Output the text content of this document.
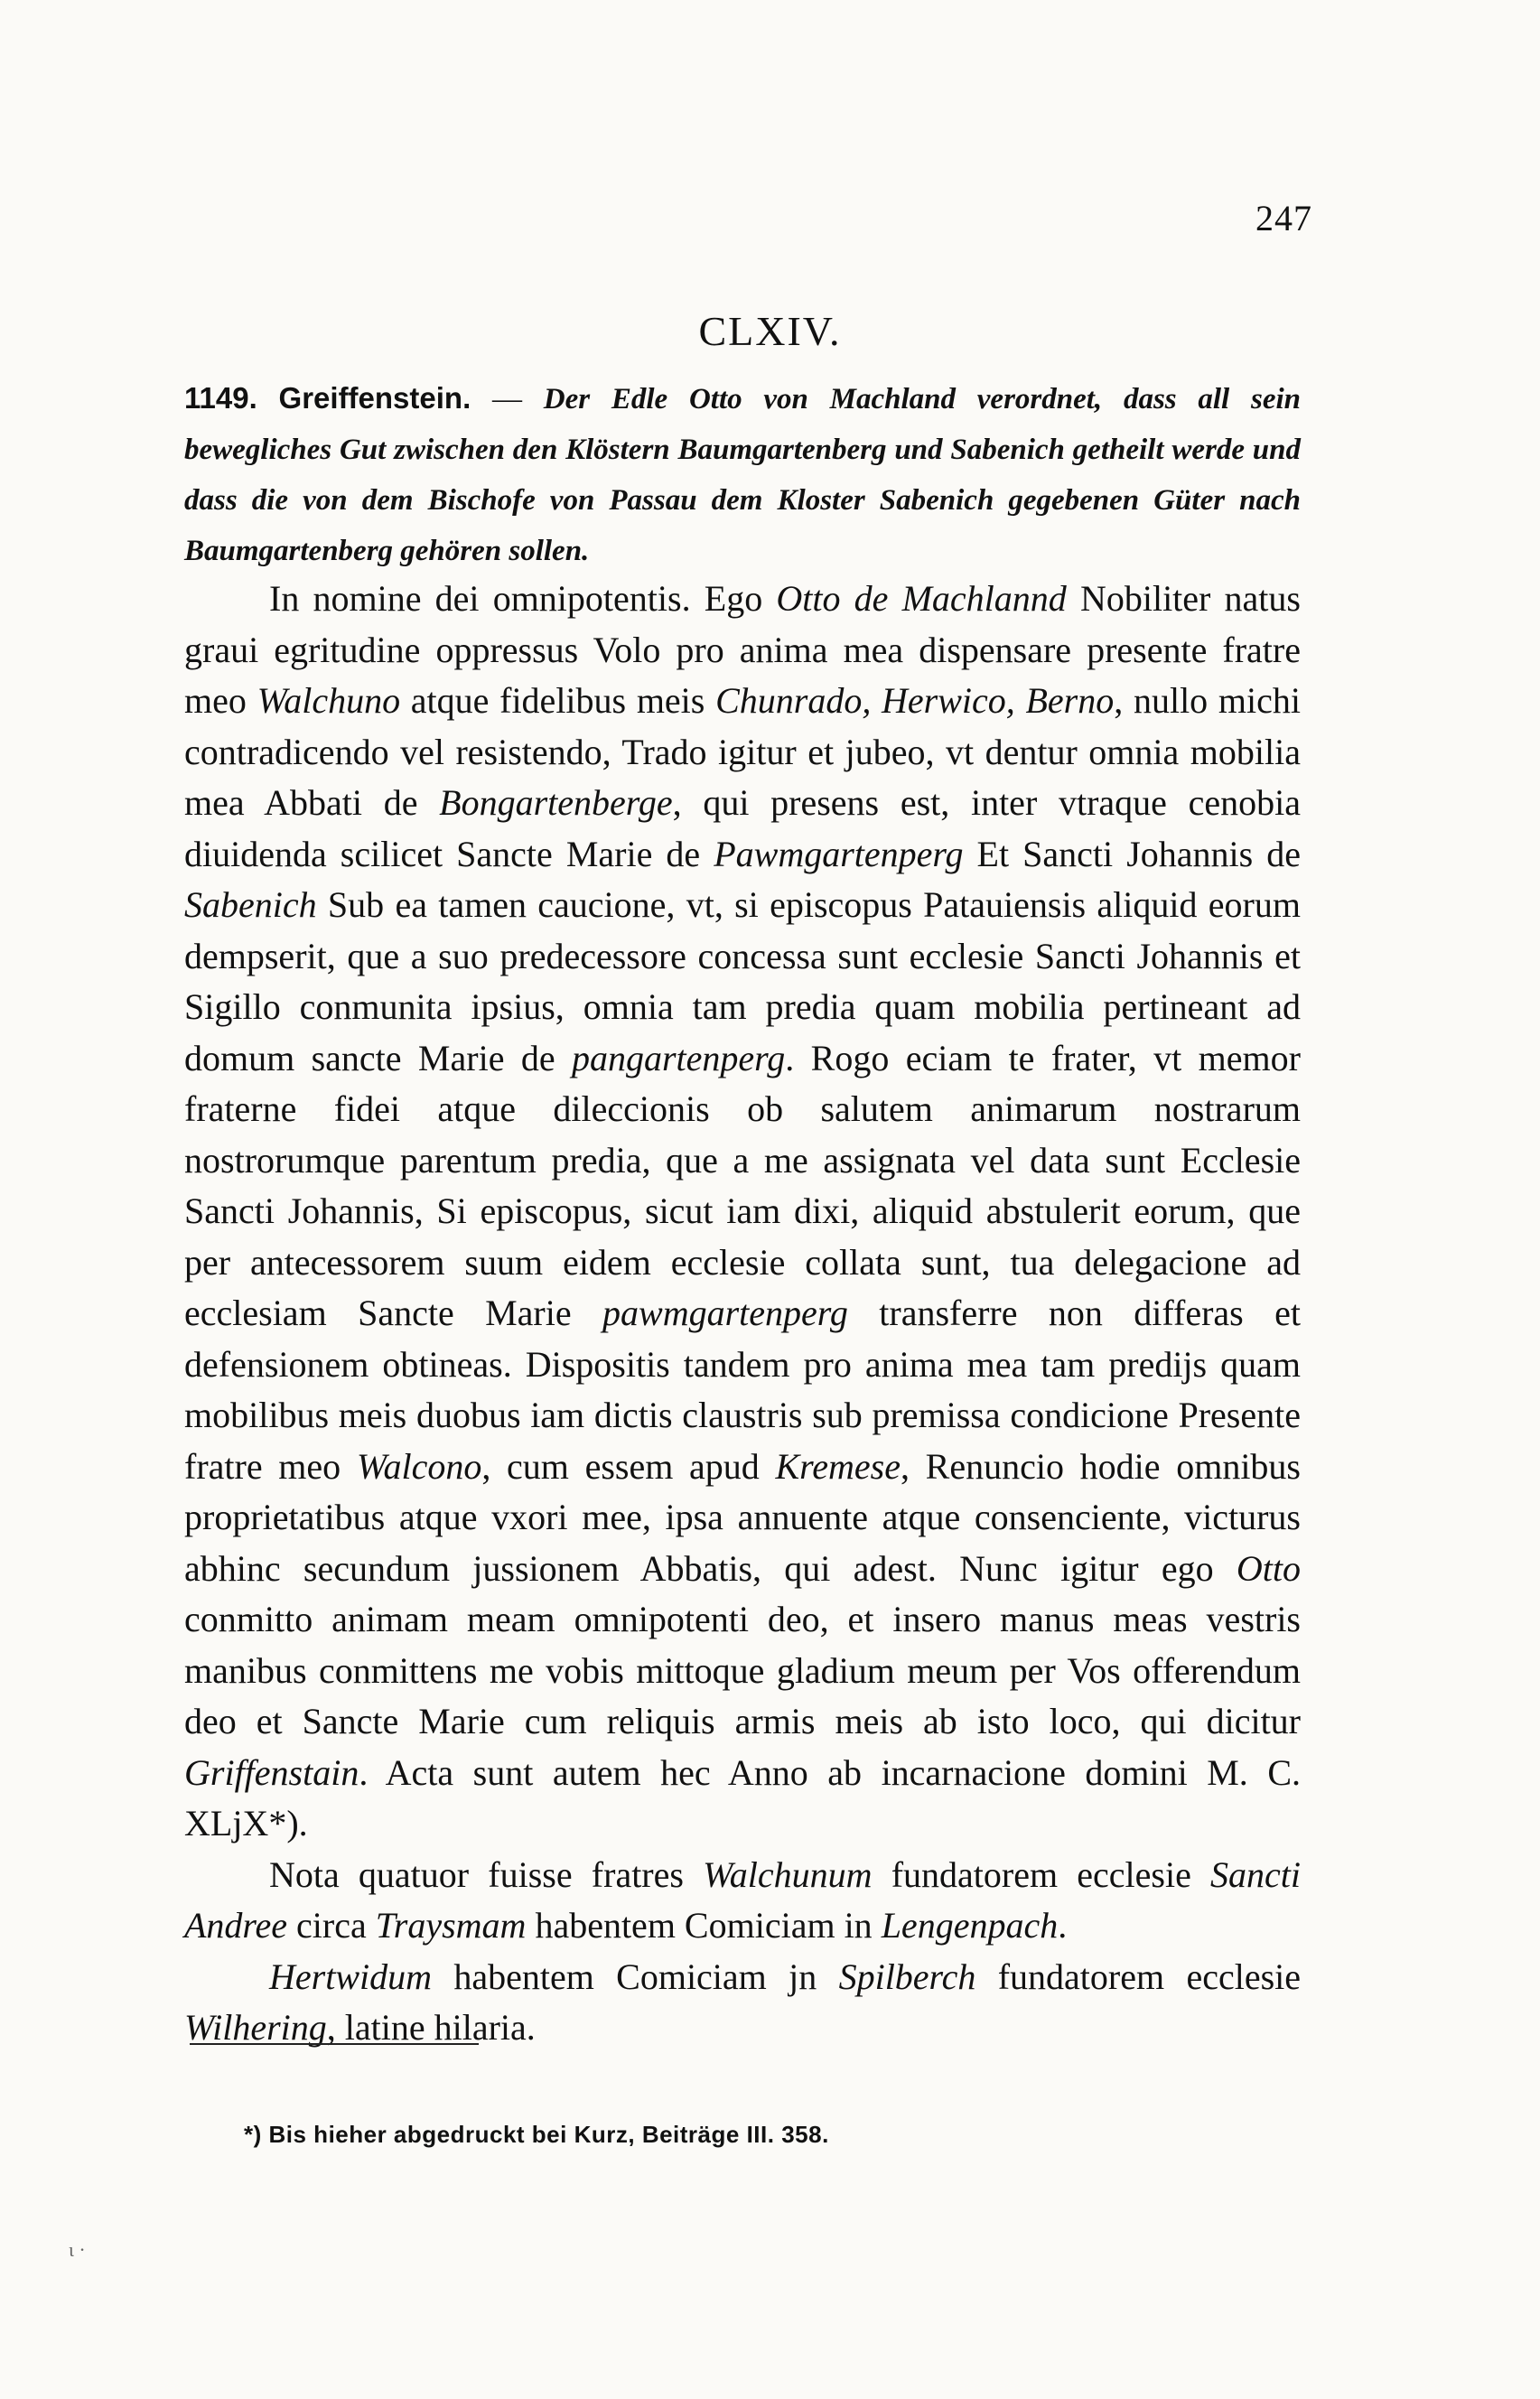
247
CLXIV.
1149. Greiffenstein. — Der Edle Otto von Machland verordnet, dass all sein bewegliches Gut zwischen den Klöstern Baumgartenberg und Sabenich getheilt werde und dass die von dem Bischofe von Passau dem Kloster Sabenich gegebenen Güter nach Baumgartenberg gehören sollen.

In nomine dei omnipotentis. Ego Otto de Machlannd Nobiliter natus graui egritudine oppressus Volo pro anima mea dispensare presente fratre meo Walchuno atque fidelibus meis Chunrado, Herwico, Berno, nullo michi contradicendo vel resistendo, Trado igitur et jubeo, vt dentur omnia mobilia mea Abbati de Bongartenberge, qui presens est, inter vtraque cenobia diuidenda scilicet Sancte Marie de Pawmgartenperg Et Sancti Johannis de Sabenich Sub ea tamen caucione, vt, si episcopus Patauiensis aliquid eorum dempserit, que a suo predecessore concessa sunt ecclesie Sancti Johannis et Sigillo conmunita ipsius, omnia tam predia quam mobilia pertineant ad domum sancte Marie de pangartenperg. Rogo eciam te frater, vt memor fraterne fidei atque dileccionis ob salutem animarum nostrarum nostrorumque parentum predia, que a me assignata vel data sunt Ecclesie Sancti Johannis, Si episcopus, sicut iam dixi, aliquid abstulerit eorum, que per antecessorem suum eidem ecclesie collata sunt, tua delegacione ad ecclesiam Sancte Marie pawmgartenperg transferre non differas et defensionem obtineas. Dispositis tandem pro anima mea tam predijs quam mobilibus meis duobus iam dictis claustris sub premissa condicione Presente fratre meo Walcono, cum essem apud Kremese, Renuncio hodie omnibus proprietatibus atque vxori mee, ipsa annuente atque consenciente, victurus abhinc secundum jussionem Abbatis, qui adest. Nunc igitur ego Otto conmitto animam meam omnipotenti deo, et insero manus meas vestris manibus conmittens me vobis mittoque gladium meum per Vos offerendum deo et Sancte Marie cum reliquis armis meis ab isto loco, qui dicitur Griffenstain. Acta sunt autem hec Anno ab incarnacione domini M. C. XLjX*).

Nota quatuor fuisse fratres Walchunum fundatorem ecclesie Sancti Andree circa Traysmam habentem Comiciam in Lengenpach.

Hertwidum habentem Comiciam jn Spilberch fundatorem ecclesie Wilhering, latine hilaria.

*) Bis hieher abgedruckt bei Kurz, Beiträge III. 358.
ι ·
